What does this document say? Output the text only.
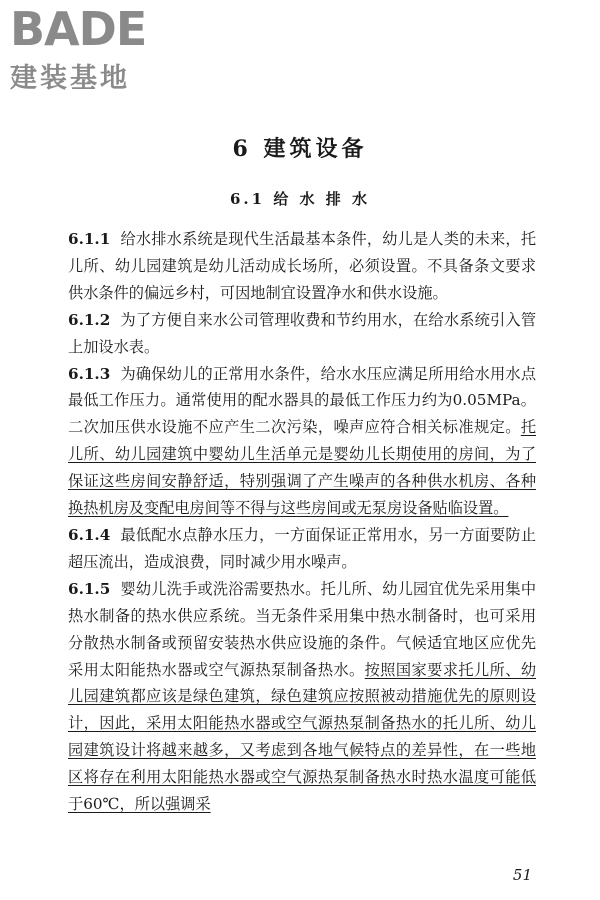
BADE
建装基地
6 建筑设备
6.1 给 水 排 水

6.1.1 给水排水系统是现代生活最基本条件，幼儿是人类的未来，托儿所、幼儿园建筑是幼儿活动成长场所，必须设置。不具备条文要求供水条件的偏远乡村，可因地制宜设置净水和供水设施。

6.1.2 为了方便自来水公司管理收费和节约用水，在给水系统引入管上加设水表。

6.1.3 为确保幼儿的正常用水条件，给水水压应满足所用给水用水点最低工作压力。通常使用的配水器具的最低工作压力约为0.05MPa。二次加压供水设施不应产生二次污染，噪声应符合相关标准规定。托儿所、幼儿园建筑中婴幼儿生活单元是婴幼儿长期使用的房间，为了保证这些房间安静舒适，特别强调了产生噪声的各种供水机房、各种换热机房及变配电房间等不得与这些房间或无泵房设备贴临设置。

6.1.4 最低配水点静水压力，一方面保证正常用水，另一方面要防止超压流出，造成浪费，同时减少用水噪声。

6.1.5 婴幼儿洗手或洗浴需要热水。托儿所、幼儿园宜优先采用集中热水制备的热水供应系统。当无条件采用集中热水制备时，也可采用分散热水制备或预留安装热水供应设施的条件。气候适宜地区应优先采用太阳能热水器或空气源热泵制备热水。按照国家要求托儿所、幼儿园建筑都应该是绿色建筑，绿色建筑应按照被动措施优先的原则设计，因此，采用太阳能热水器或空气源热泵制备热水的托儿所、幼儿园建筑设计将越来越多，又考虑到各地气候特点的差异性，在一些地区将存在利用太阳能热水器或空气源热泵制备热水时热水温度可能低于60℃，所以强调采

51
